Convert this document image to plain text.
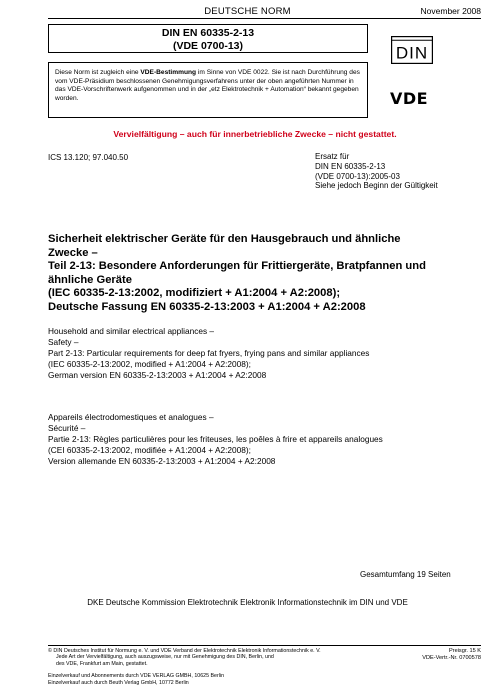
DEUTSCHE NORM	November 2008
DIN EN 60335-2-13
(VDE 0700-13)
Diese Norm ist zugleich eine VDE-Bestimmung im Sinne von VDE 0022. Sie ist nach Durchführung des vom VDE-Präsidium beschlossenen Genehmigungsverfahrens unter der oben angeführten Nummer in das VDE-Vorschriftenwerk aufgenommen und in der „etz Elektrotechnik + Automation“ bekannt gegeben worden.
DIN
VDE
Vervielfältigung – auch für innerbetriebliche Zwecke – nicht gestattet.
ICS 13.120; 97.040.50	Ersatz für
DIN EN 60335-2-13
(VDE 0700-13):2005-03
Siehe jedoch Beginn der Gültigkeit
Sicherheit elektrischer Geräte für den Hausgebrauch und ähnliche
Zwecke –
Teil 2-13: Besondere Anforderungen für Frittiergeräte, Bratpfannen und
ähnliche Geräte
(IEC 60335-2-13:2002, modifiziert + A1:2004 + A2:2008);
Deutsche Fassung EN 60335-2-13:2003 + A1:2004 + A2:2008
Household and similar electrical appliances –
Safety –
Part 2-13: Particular requirements for deep fat fryers, frying pans and similar appliances
(IEC 60335-2-13:2002, modified + A1:2004 + A2:2008);
German version EN 60335-2-13:2003 + A1:2004 + A2:2008
Appareils électrodomestiques et analogues –
Sécurité –
Partie 2-13: Règles particulières pour les friteuses, les poêles à frire et appareils analogues
(CEI 60335-2-13:2002, modifiée + A1:2004 + A2:2008);
Version allemande EN 60335-2-13:2003 + A1:2004 + A2:2008
Gesamtumfang 19 Seiten
DKE Deutsche Kommission Elektrotechnik Elektronik Informationstechnik im DIN und VDE
© DIN Deutsches Institut für Normung e. V. und VDE Verband der Elektrotechnik Elektronik Informationstechnik e. V.
Jede Art der Vervielfältigung, auch auszugsweise, nur mit Genehmigung des DIN, Berlin, und
des VDE, Frankfurt am Main, gestattet.
Preisgr. 15 K
VDE-Vertr.-Nr. 0700578
Einzelverkauf und Abonnements durch VDE VERLAG GMBH, 10625 Berlin
Einzelverkauf auch durch Beuth Verlag GmbH, 10772 Berlin
